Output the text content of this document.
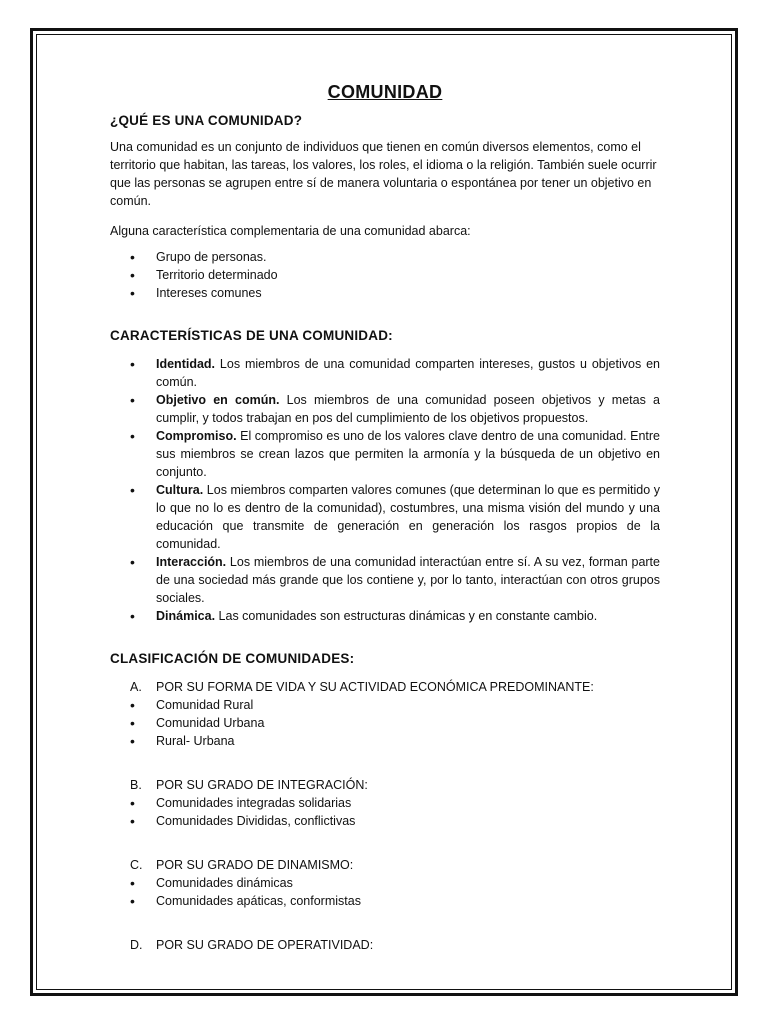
COMUNIDAD
¿QUÉ ES UNA COMUNIDAD?
Una comunidad es un conjunto de individuos que tienen en común diversos elementos, como el territorio que habitan, las tareas, los valores, los roles, el idioma o la religión. También suele ocurrir que las personas se agrupen entre sí de manera voluntaria o espontánea por tener un objetivo en común.
Alguna característica complementaria de una comunidad abarca:
• Grupo de personas.
• Territorio determinado
• Intereses comunes
CARACTERÍSTICAS DE UNA COMUNIDAD:
• Identidad. Los miembros de una comunidad comparten intereses, gustos u objetivos en común.
• Objetivo en común. Los miembros de una comunidad poseen objetivos y metas a cumplir, y todos trabajan en pos del cumplimiento de los objetivos propuestos.
• Compromiso. El compromiso es uno de los valores clave dentro de una comunidad. Entre sus miembros se crean lazos que permiten la armonía y la búsqueda de un objetivo en conjunto.
• Cultura. Los miembros comparten valores comunes (que determinan lo que es permitido y lo que no lo es dentro de la comunidad), costumbres, una misma visión del mundo y una educación que transmite de generación en generación los rasgos propios de la comunidad.
• Interacción. Los miembros de una comunidad interactúan entre sí. A su vez, forman parte de una sociedad más grande que los contiene y, por lo tanto, interactúan con otros grupos sociales.
• Dinámica. Las comunidades son estructuras dinámicas y en constante cambio.
CLASIFICACIÓN DE COMUNIDADES:
A. POR SU FORMA DE VIDA Y SU ACTIVIDAD ECONÓMICA PREDOMINANTE:
• Comunidad Rural
• Comunidad Urbana
• Rural- Urbana
B. POR SU GRADO DE INTEGRACIÓN:
• Comunidades integradas solidarias
• Comunidades Divididas, conflictivas
C. POR SU GRADO DE DINAMISMO:
• Comunidades dinámicas
• Comunidades apáticas, conformistas
D. POR SU GRADO DE OPERATIVIDAD:
